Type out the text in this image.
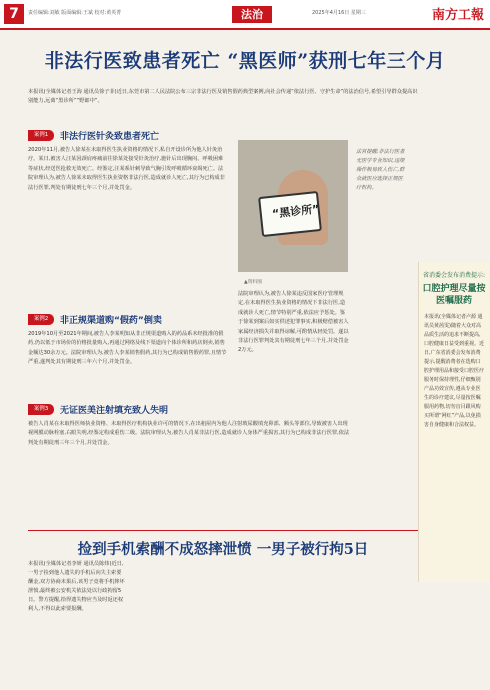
7	责任编辑:刘敏 版面编辑:王斌 校对:黄英菁	法治	2025年4月16日 星期三	南方工報
非法行医致患者死亡 “黑医师”获刑七年三个月
本报讯(全媒体记者王海 通讯员徐子菲)近日,东莞市第二人民法院公布三宗非法行医及销售假药典型案例,向社会传递“依法行医、守护生命”的法治信号,希望引导群众提高识别能力,远离“黑诊所”“野郎中”。
案例1	非法行医针灸致患者死亡
2020年11月,被告人徐某在未取得医生执业资格的情况下,私自开设诊所为他人针灸治疗。某日,被害人汪某因颈肩疼痛前往徐某处接受针灸治疗,施针后出现胸闷、呼吸困难等症状,经送医抢救无效死亡。经鉴定,汪某系针刺导致气胸引发呼吸循环衰竭死亡。法院审理认为,被告人徐某未取得医生执业资格非法行医,造成就诊人死亡,其行为已构成非法行医罪,判处有期徒刑七年三个月,并处罚金。
“黑诊所”
▲资料图
法院审理认为,被告人徐某违反国家医疗管理规定,在未取得医生执业资格的情况下非法行医,造成就诊人死亡,情节特别严重,依法应予惩处。鉴于徐某到案后如实供述犯罪事实,积极赔偿被害人家属经济损失并取得谅解,可酌情从轻处罚。遂以非法行医罪判处其有期徒刑七年三个月,并处罚金2万元。
法官提醒:非法行医者无医学专业知识,违规操作极易致人伤亡,群众就医应选择正规医疗机构。
案例2	非正规渠道购“假药”倒卖
2019年10月至2021年期间,被告人李某明知从非正规渠道购入的药品系未经批准的假药,仍以低于市场价的价格批量购入,再通过网络及线下渠道向个体诊所和药店倒卖,销售金额达30余万元。法院审理认为,被告人李某销售假药,其行为已构成销售假药罪,且情节严重,遂判处其有期徒刑三年六个月,并处罚金。
案例3	无证医美注射填充致人失明
被告人肖某在未取得医师执业资格、未取得医疗机构执业许可的情况下,在出租屋内为他人注射玻尿酸填充鼻部、额头等部位,导致被害人出现视网膜动脉栓塞,右眼失明,经鉴定构成重伤二级。法院审理认为,被告人肖某非法行医,造成就诊人身体严重损害,其行为已构成非法行医罪,依法判处有期徒刑三年三个月,并处罚金。
省消委会发布消费提示:
口腔护理尽量按医嘱服药
本报讯(全媒体记者卢源 通讯员黄茜雯)随着大众对高品质生活的追求不断提高,口腔健康日益受到重视。近日,广东省消委会发布消费提示,提醒消费者在选购口腔护理用品和接受口腔医疗服务时保持理性,仔细甄别产品功效宣传,遵从专业医生的诊疗建议,尽量按医嘱服用药物,切勿盲目跟风购买所谓“网红”产品,以免损害自身健康和合法权益。
捡到手机索酬不成怒摔泄愤 一男子被行拘5日
本报讯(全媒体记者李妍 通讯员陈炜)近日,一男子捡到他人遗失的手机后向失主索要酬金,双方协商未果后,该男子竟将手机摔坏泄愤,最终被公安机关依法处以行政拘留5日。警方提醒,拾得遗失物应当及时返还权利人,不得以此索要报酬。
